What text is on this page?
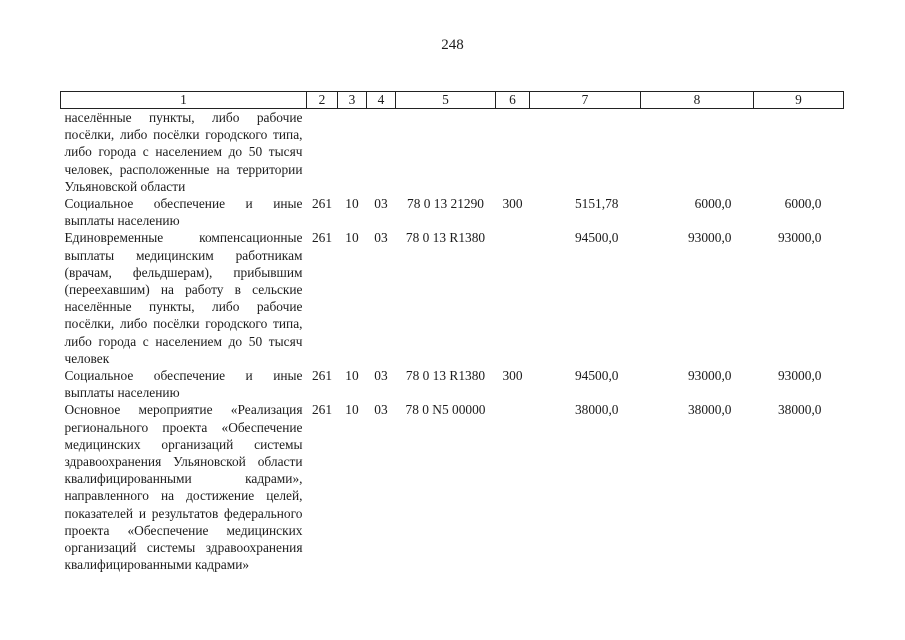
248
1	2	3	4	5	6	7	8	9
населённые пункты, либо рабочие посёлки, либо посёлки городского типа, либо города с населением до 50 тысяч человек, расположенные на территории Ульяновской области								
Социальное обеспечение и иные выплаты населению	261	10	03	78 0 13 21290	300	5151,78	6000,0	6000,0
Единовременные компенсационные выплаты медицинским работникам (врачам, фельдшерам), прибывшим (переехавшим) на работу в сельские населённые пункты, либо рабочие посёлки, либо посёлки городского типа, либо города с населением до 50 тысяч человек	261	10	03	78 0 13 R1380		94500,0	93000,0	93000,0
Социальное обеспечение и иные выплаты населению	261	10	03	78 0 13 R1380	300	94500,0	93000,0	93000,0
Основное мероприятие «Реализация регионального проекта «Обеспечение медицинских организаций системы здравоохранения Ульяновской области квалифицированными кадрами», направленного на достижение целей, показателей и результатов федерального проекта «Обеспечение медицинских организаций системы здравоохранения квалифицированными кадрами»	261	10	03	78 0 N5 00000		38000,0	38000,0	38000,0
